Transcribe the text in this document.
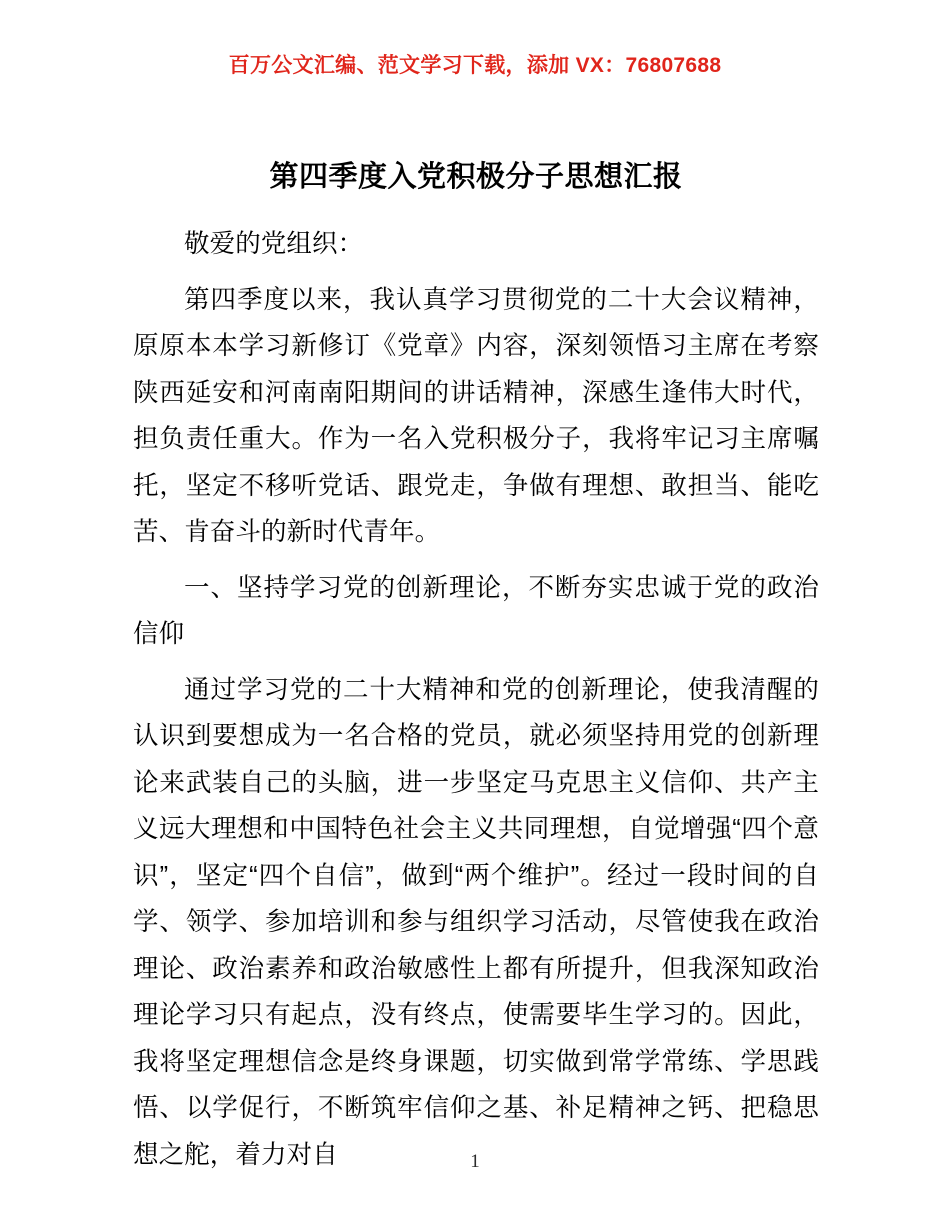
百万公文汇编、范文学习下载，添加 VX：76807688
第四季度入党积极分子思想汇报

敬爱的党组织：

第四季度以来，我认真学习贯彻党的二十大会议精神，原原本本学习新修订《党章》内容，深刻领悟习主席在考察陕西延安和河南南阳期间的讲话精神，深感生逢伟大时代，担负责任重大。作为一名入党积极分子，我将牢记习主席嘱托，坚定不移听党话、跟党走，争做有理想、敢担当、能吃苦、肯奋斗的新时代青年。

一、坚持学习党的创新理论，不断夯实忠诚于党的政治信仰

通过学习党的二十大精神和党的创新理论，使我清醒的认识到要想成为一名合格的党员，就必须坚持用党的创新理论来武装自己的头脑，进一步坚定马克思主义信仰、共产主义远大理想和中国特色社会主义共同理想，自觉增强“四个意识”，坚定“四个自信”，做到“两个维护”。经过一段时间的自学、领学、参加培训和参与组织学习活动，尽管使我在政治理论、政治素养和政治敏感性上都有所提升，但我深知政治理论学习只有起点，没有终点，使需要毕生学习的。因此，我将坚定理想信念是终身课题，切实做到常学常练、学思践悟、以学促行，不断筑牢信仰之基、补足精神之钙、把稳思想之舵，着力对自	1
